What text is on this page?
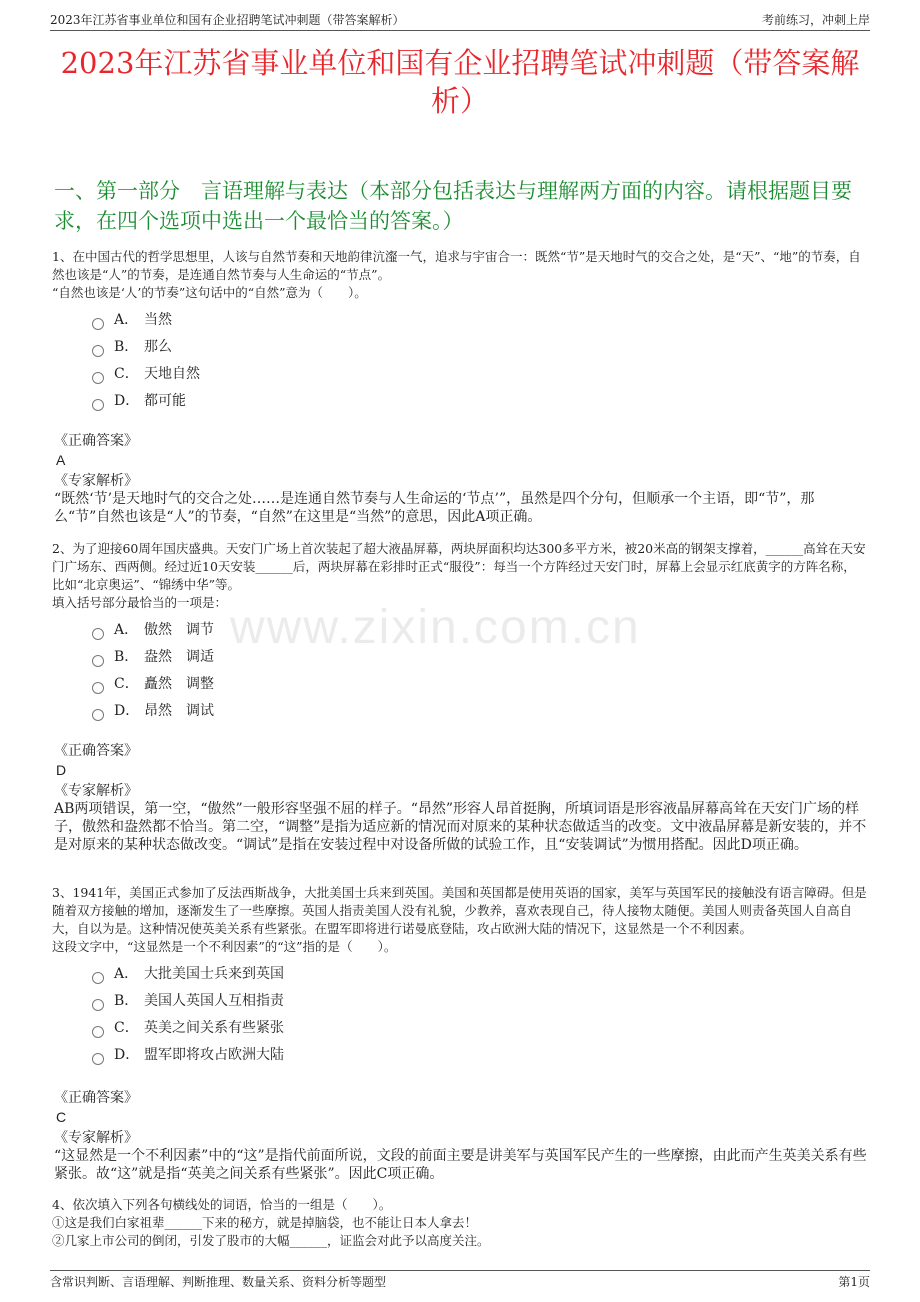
2023年江苏省事业单位和国有企业招聘笔试冲刺题（带答案解析）	考前练习，冲刺上岸
2023年江苏省事业单位和国有企业招聘笔试冲刺题（带答案解析）
一、第一部分　言语理解与表达（本部分包括表达与理解两方面的内容。请根据题目要求，在四个选项中选出一个最恰当的答案。）
www.zixin.com.cn

1、在中国古代的哲学思想里，人该与自然节奏和天地韵律沆瀣一气，追求与宇宙合一：既然“节”是天地时气的交合之处，是“天”、“地”的节奏，自然也该是“人”的节奏，是连通自然节奏与人生命运的“节点”。

“自然也该是‘人’的节奏”这句话中的“自然”意为（　　）。

A． 当然
B． 那么
C． 天地自然
D． 都可能
《正确答案》
A
《专家解析》

“既然‘节’是天地时气的交合之处……是连通自然节奏与人生命运的‘节点’”，虽然是四个分句，但顺承一个主语，即“节”，那么“节”自然也该是“人”的节奏，“自然”在这里是“当然”的意思，因此A项正确。

2、为了迎接60周年国庆盛典。天安门广场上首次装起了超大液晶屏幕，两块屏面积均达300多平方米，被20米高的钢架支撑着，______高耸在天安门广场东、西两侧。经过近10天安装______后，两块屏幕在彩排时正式“服役”：每当一个方阵经过天安门时，屏幕上会显示红底黄字的方阵名称，比如“北京奥运”、“锦绣中华”等。

填入括号部分最恰当的一项是：

A． 傲然　调节
B． 盎然　调适
C． 矗然　调整
D． 昂然　调试
《正确答案》
D
《专家解析》

AB两项错误，第一空，“傲然”一般形容坚强不屈的样子。“昂然”形容人昂首挺胸，所填词语是形容液晶屏幕高耸在天安门广场的样子，傲然和盎然都不恰当。第二空，“调整”是指为适应新的情况而对原来的某种状态做适当的改变。文中液晶屏幕是新安装的，并不是对原来的某种状态做改变。“调试”是指在安装过程中对设备所做的试验工作，且“安装调试”为惯用搭配。因此D项正确。

3、1941年，美国正式参加了反法西斯战争，大批美国士兵来到英国。美国和英国都是使用英语的国家，美军与英国军民的接触没有语言障碍。但是随着双方接触的增加，逐渐发生了一些摩擦。英国人指责美国人没有礼貌，少教养，喜欢表现自己，待人接物太随便。美国人则责备英国人自高自大，自以为是。这种情况使英美关系有些紧张。在盟军即将进行诺曼底登陆，攻占欧洲大陆的情况下，这显然是一个不利因素。

这段文字中，“这显然是一个不利因素”的“这”指的是（　　）。

A． 大批美国士兵来到英国
B． 美国人英国人互相指责
C． 英美之间关系有些紧张
D． 盟军即将攻占欧洲大陆
《正确答案》
C
《专家解析》

“这显然是一个不利因素”中的“这”是指代前面所说，文段的前面主要是讲美军与英国军民产生的一些摩擦，由此而产生英美关系有些紧张。故“这”就是指“英美之间关系有些紧张”。因此C项正确。

4、依次填入下列各句横线处的词语，恰当的一组是（　　）。

①这是我们白家祖辈______下来的秘方，就是掉脑袋，也不能让日本人拿去！

②几家上市公司的倒闭，引发了股市的大幅______，证监会对此予以高度关注。

含常识判断、言语理解、判断推理、数量关系、资料分析等题型	第1页
